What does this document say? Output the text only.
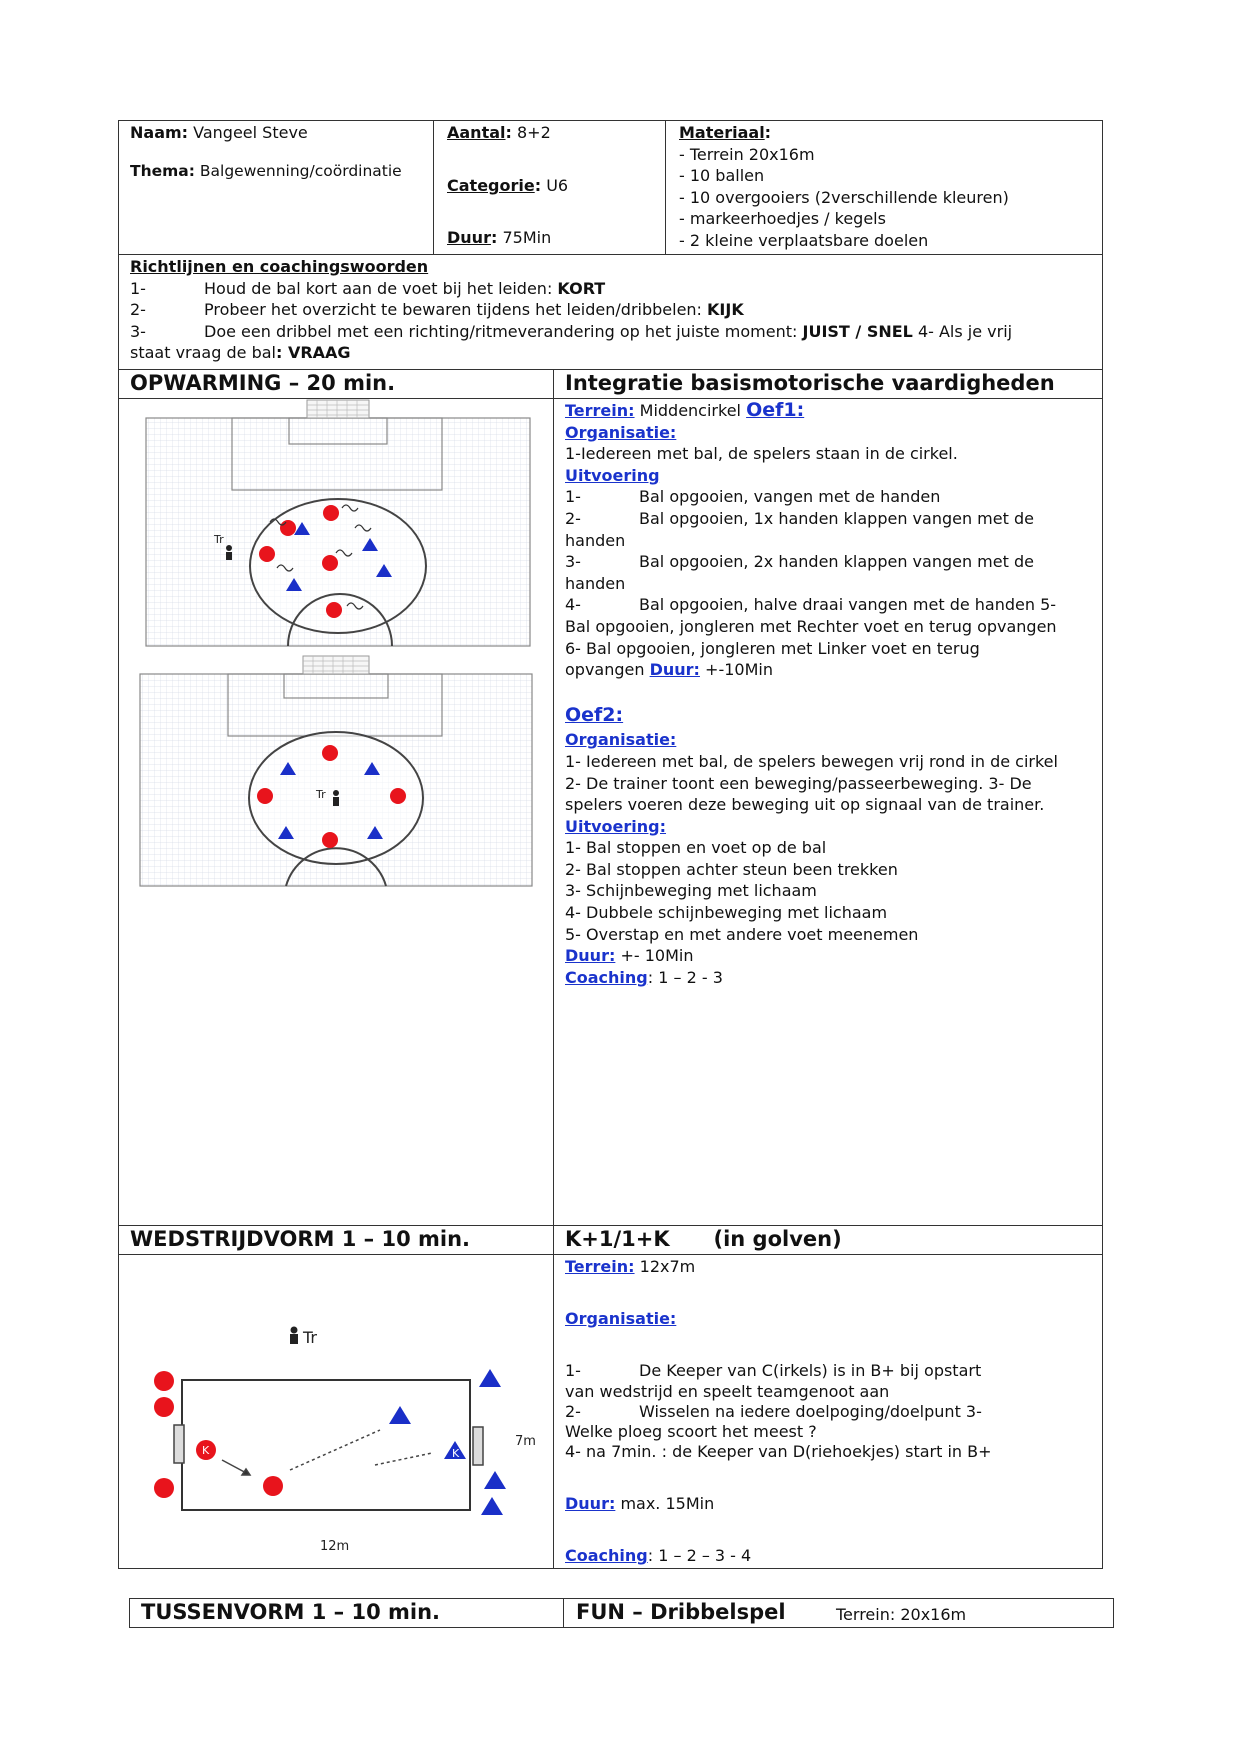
Naam: Vangeel Steve
Thema: Balgewenning/coördinatie
Aantal: 8+2
Categorie: U6
Duur: 75Min
Materiaal:
- Terrein 20x16m
- 10 ballen
- 10 overgooiers (2verschillende kleuren)
- markeerhoedjes / kegels
- 2 kleine verplaatsbare doelen
Richtlijnen en coachingswoorden
1-	Houd de bal kort aan de voet bij het leiden: KORT
2-	Probeer het overzicht te bewaren tijdens het leiden/dribbelen: KIJK
3-	Doe een dribbel met een richting/ritmeverandering op het juiste moment: JUIST / SNEL 4- Als je vrij
staat vraag de bal: VRAAG
OPWARMING – 20 min.	Integratie basismotorische vaardigheden
Tr
Tr
Terrein: Middencirkel Oef1:
Organisatie:
1-Iedereen met bal, de spelers staan in de cirkel.
Uitvoering
1-	Bal opgooien, vangen met de handen
2-	Bal opgooien, 1x handen klappen vangen met de
handen
3-	Bal opgooien, 2x handen klappen vangen met de
handen
4-	Bal opgooien, halve draai vangen met de handen 5-
Bal opgooien, jongleren met Rechter voet en terug opvangen
6- Bal opgooien, jongleren met Linker voet en terug
opvangen Duur: +-10Min
Oef2:
Organisatie:
1- Iedereen met bal, de spelers bewegen vrij rond in de cirkel
2- De trainer toont een beweging/passeerbeweging. 3- De
spelers voeren deze beweging uit op signaal van de trainer.
Uitvoering:
1- Bal stoppen en voet op de bal
2- Bal stoppen achter steun been trekken
3- Schijnbeweging met lichaam
4- Dubbele schijnbeweging met lichaam
5- Overstap en met andere voet meenemen
Duur: +- 10Min
Coaching: 1 – 2 - 3
WEDSTRIJDVORM 1 – 10 min.	K+1/1+K      (in golven)
K	K
Tr
12m
7m
Terrein: 12x7m
Organisatie:
1-	De Keeper van C(irkels) is in B+ bij opstart
van wedstrijd en speelt teamgenoot aan
2-	Wisselen na iedere doelpoging/doelpunt 3-
Welke ploeg scoort het meest ?
4- na 7min. : de Keeper van D(riehoekjes) start in B+
Duur: max. 15Min
Coaching: 1 – 2 – 3 - 4
TUSSENVORM 1 – 10 min.	FUN – Dribbelspel	Terrein: 20x16m
